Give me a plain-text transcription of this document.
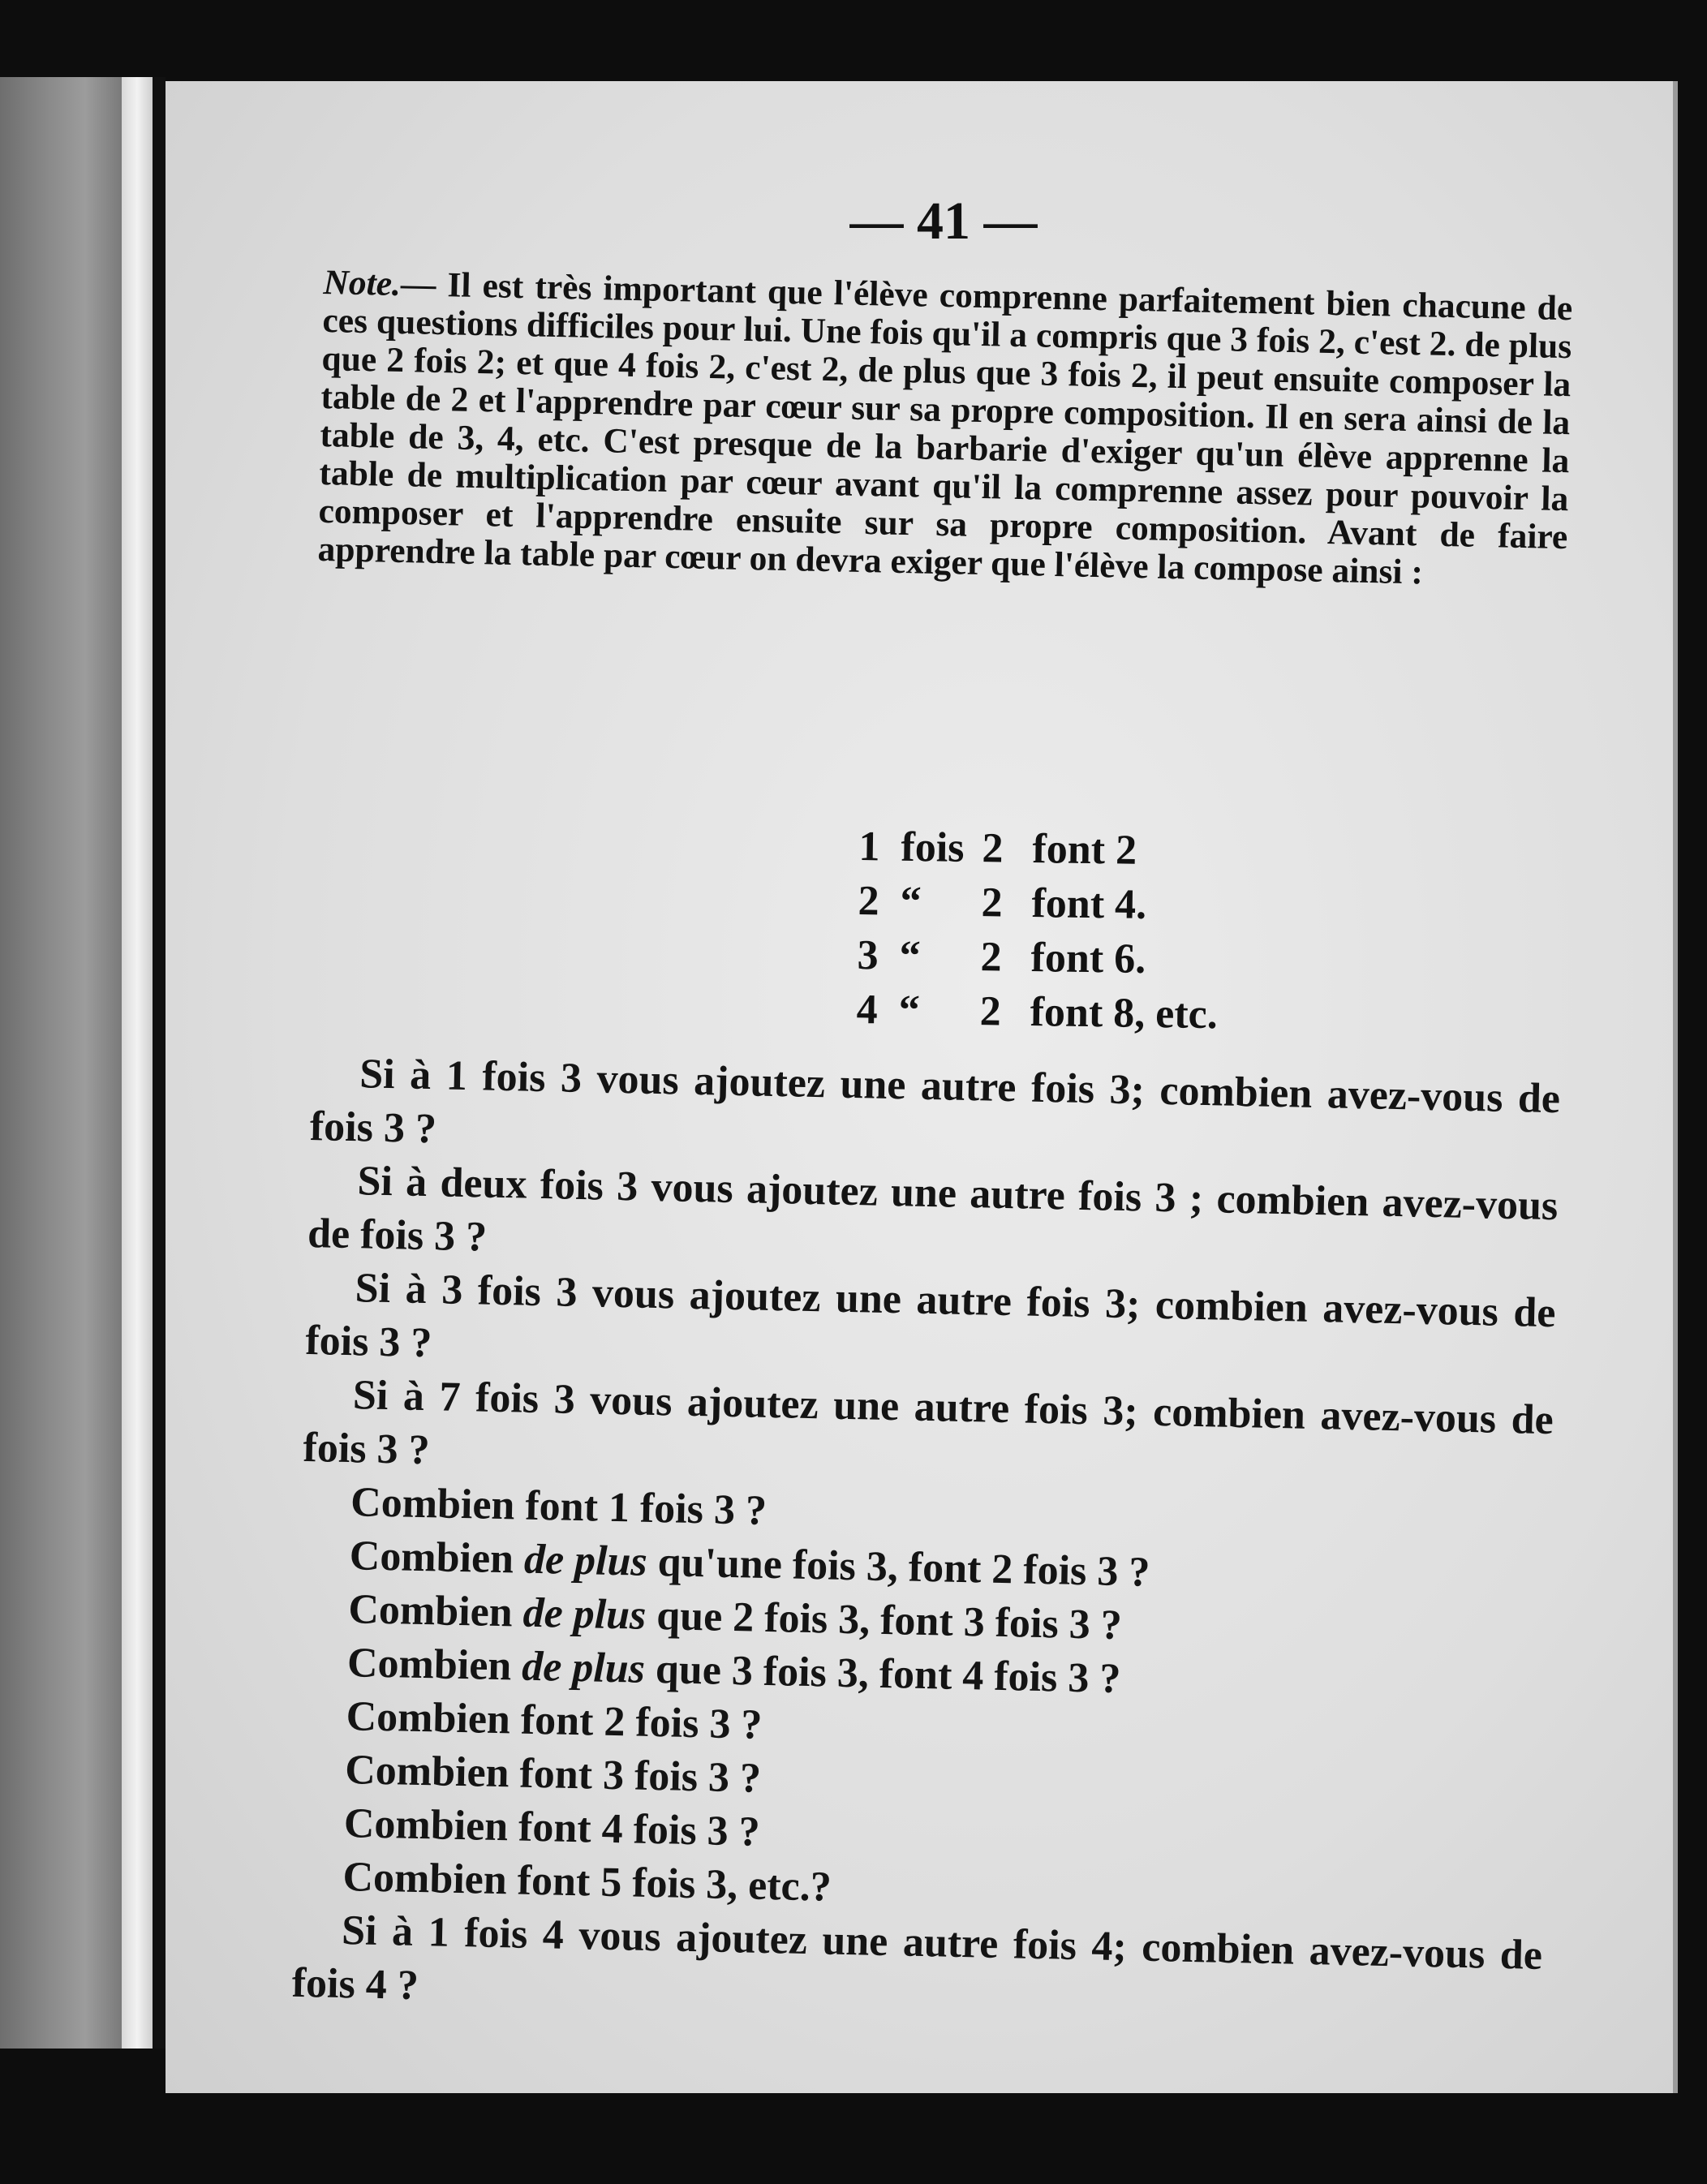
— 41 —
Note.— Il est très important que l'élève comprenne parfaitement bien chacune de ces questions difficiles pour lui. Une fois qu'il a compris que 3 fois 2, c'est 2. de plus que 2 fois 2; et que 4 fois 2, c'est 2, de plus que 3 fois 2, il peut ensuite composer la table de 2 et l'apprendre par cœur sur sa propre composition. Il en sera ainsi de la table de 3, 4, etc. C'est presque de la barbarie d'exiger qu'un élève apprenne la table de multiplication par cœur avant qu'il la comprenne assez pour pouvoir la composer et l'apprendre ensuite sur sa propre composition. Avant de faire apprendre la table par cœur on devra exiger que l'élève la compose ainsi :
1 fois 2 font 2
2 “	2 font 4.
3 “	2 font 6.
4 “	2 font 8, etc.

Si à 1 fois 3 vous ajoutez une autre fois 3; combien avez-vous de fois 3 ?

Si à deux fois 3 vous ajoutez une autre fois 3 ; combien avez-vous de fois 3 ?

Si à 3 fois 3 vous ajoutez une autre fois 3; combien avez-vous de fois 3 ?

Si à 7 fois 3 vous ajoutez une autre fois 3; combien avez-vous de fois 3 ?

Combien font 1 fois 3 ?

Combien de plus qu'une fois 3, font 2 fois 3 ?

Combien de plus que 2 fois 3, font 3 fois 3 ?

Combien de plus que 3 fois 3, font 4 fois 3 ?

Combien font 2 fois 3 ?

Combien font 3 fois 3 ?

Combien font 4 fois 3 ?

Combien font 5 fois 3, etc.?

Si à 1 fois 4 vous ajoutez une autre fois 4; combien avez-vous de fois 4 ?
